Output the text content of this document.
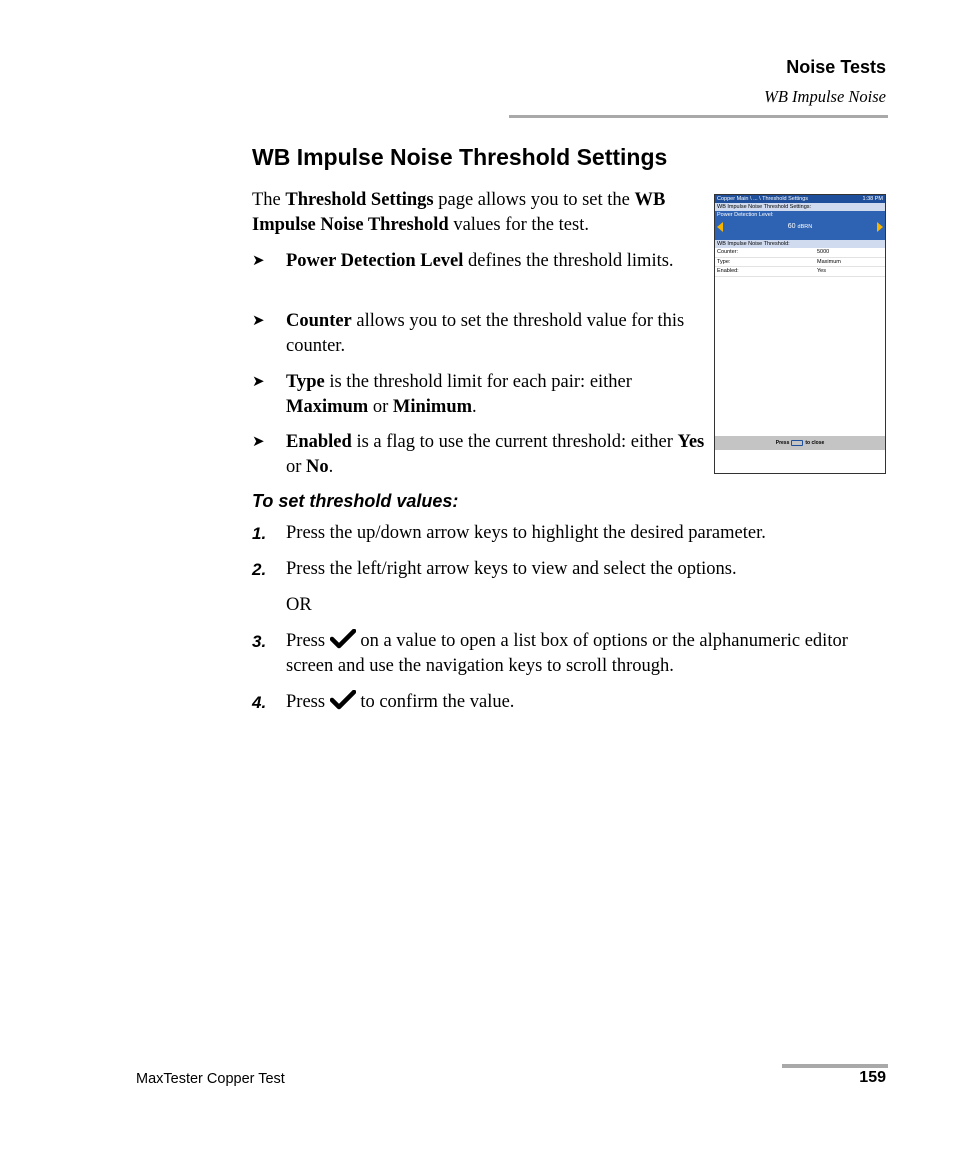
Noise Tests
WB Impulse Noise
WB Impulse Noise Threshold Settings
The Threshold Settings page allows you to set the WB Impulse Noise Threshold values for the test.
➤ Power Detection Level defines the threshold limits.
➤ Counter allows you to set the threshold value for this counter.
➤ Type is the threshold limit for each pair: either Maximum or Minimum.
➤ Enabled is a flag to use the current threshold: either Yes or No.
To set threshold values:
1. Press the up/down arrow keys to highlight the desired parameter.
2. Press the left/right arrow keys to view and select the options.
OR
3. Press  on a value to open a list box of options or the alphanumeric editor screen and use the navigation keys to scroll through.
4. Press  to confirm the value.
Copper Main \ ... \ Threshold Settings	1:38 PM
WB Impulse Noise Threshold Settings:
Power Detection Level:
60 dBRN
WB Impulse Noise Threshold:
Counter:	5000
Type:	Maximum
Enabled:	Yes
Press	to close
MaxTester Copper Test	159
